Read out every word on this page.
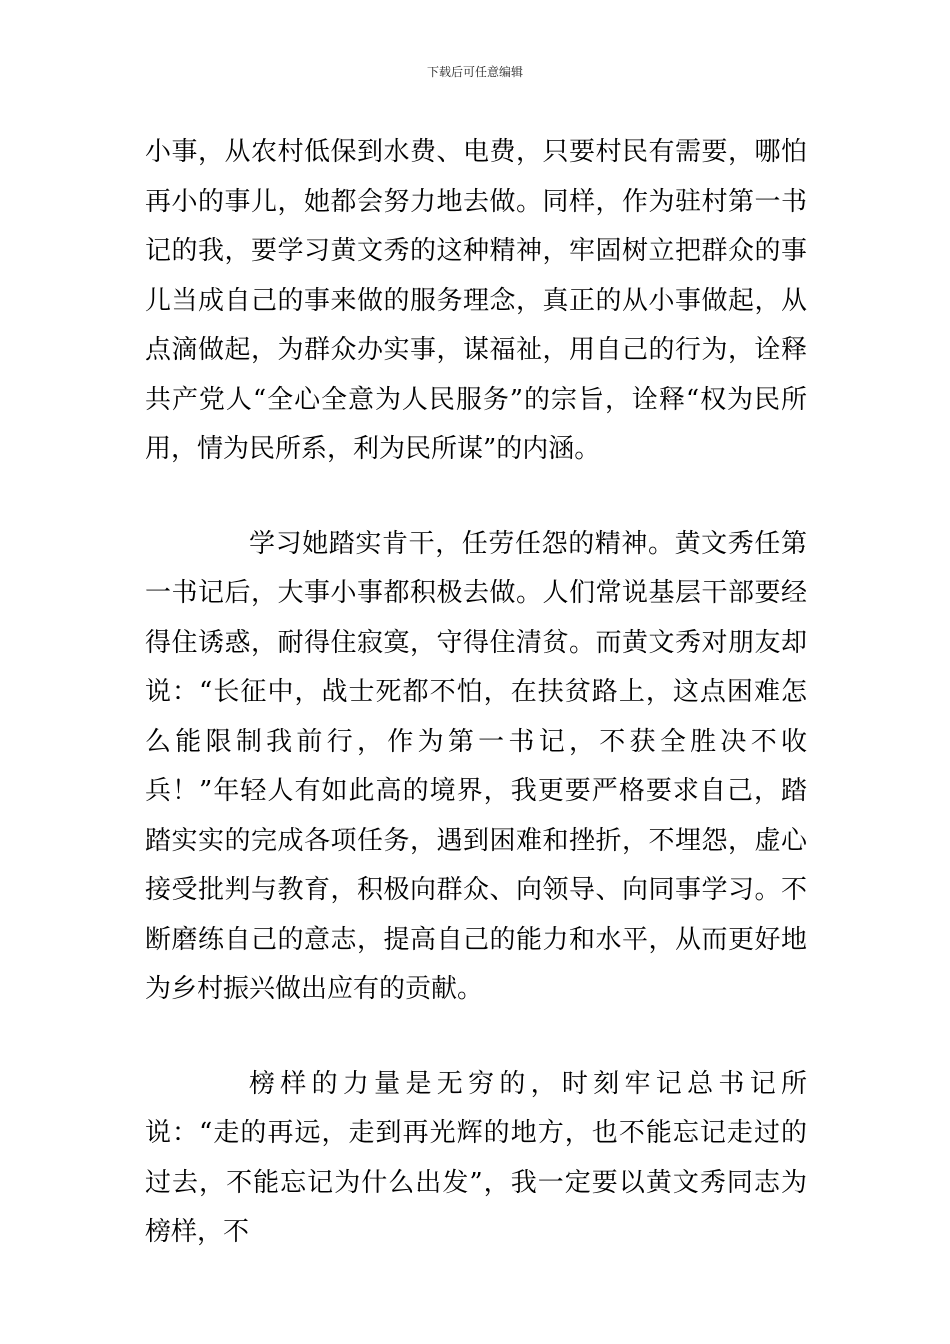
下载后可任意编辑

小事，从农村低保到水费、电费，只要村民有需要，哪怕再小的事儿，她都会努力地去做。同样，作为驻村第一书记的我，要学习黄文秀的这种精神，牢固树立把群众的事儿当成自己的事来做的服务理念，真正的从小事做起，从点滴做起，为群众办实事，谋福祉，用自己的行为，诠释共产党人“全心全意为人民服务”的宗旨，诠释“权为民所用，情为民所系，利为民所谋”的内涵。

学习她踏实肯干，任劳任怨的精神。黄文秀任第一书记后，大事小事都积极去做。人们常说基层干部要经得住诱惑，耐得住寂寞，守得住清贫。而黄文秀对朋友却说：“长征中，战士死都不怕，在扶贫路上，这点困难怎么能限制我前行，作为第一书记，不获全胜决不收兵！”年轻人有如此高的境界，我更要严格要求自己，踏踏实实的完成各项任务，遇到困难和挫折，不埋怨，虚心接受批判与教育，积极向群众、向领导、向同事学习。不断磨练自己的意志，提高自己的能力和水平，从而更好地为乡村振兴做出应有的贡献。

榜样的力量是无穷的，时刻牢记总书记所说：“走的再远，走到再光辉的地方，也不能忘记走过的过去，不能忘记为什么出发”，我一定要以黄文秀同志为榜样，不
